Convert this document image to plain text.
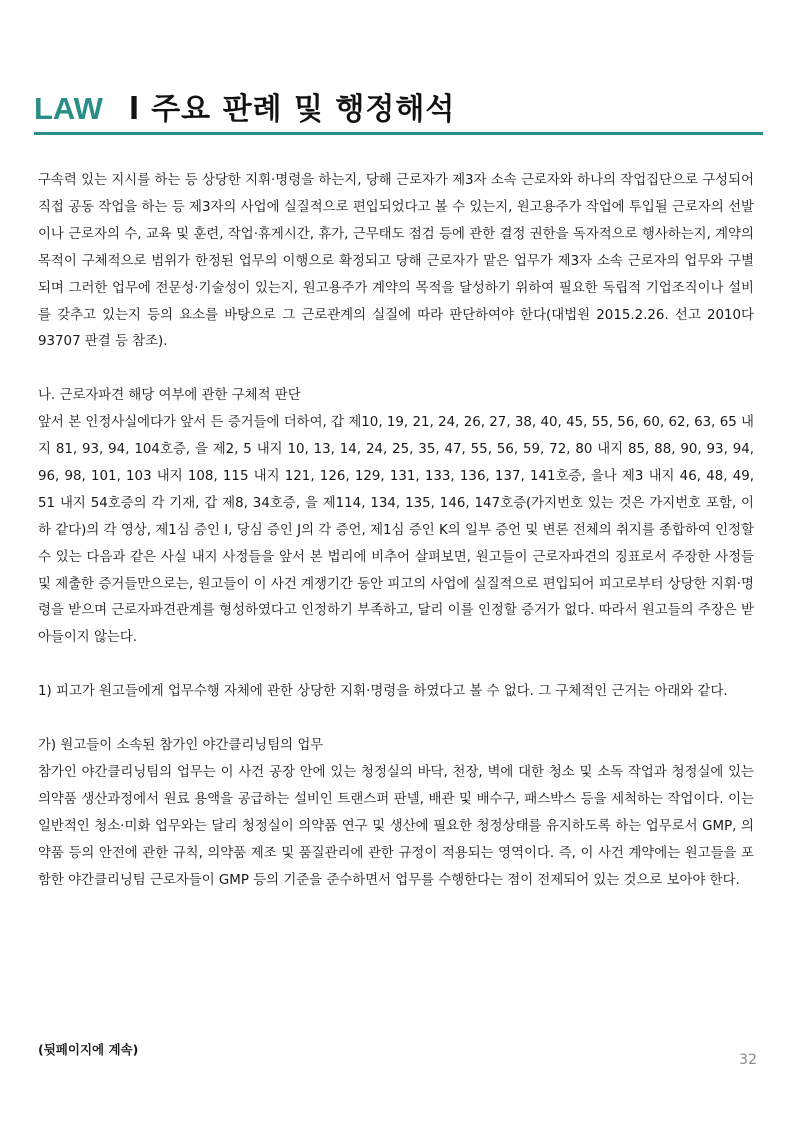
LAW l 주요 판례 및 행정해석

구속력 있는 지시를 하는 등 상당한 지휘·명령을 하는지, 당해 근로자가 제3자 소속 근로자와 하나의 작업집단으로 구성되어 직접 공동 작업을 하는 등 제3자의 사업에 실질적으로 편입되었다고 볼 수 있는지, 원고용주가 작업에 투입될 근로자의 선발이나 근로자의 수, 교육 및 훈련, 작업·휴게시간, 휴가, 근무태도 점검 등에 관한 결정 권한을 독자적으로 행사하는지, 계약의 목적이 구체적으로 범위가 한정된 업무의 이행으로 확정되고 당해 근로자가 맡은 업무가 제3자 소속 근로자의 업무와 구별되며 그러한 업무에 전문성·기술성이 있는지, 원고용주가 계약의 목적을 달성하기 위하여 필요한 독립적 기업조직이나 설비를 갖추고 있는지 등의 요소를 바탕으로 그 근로관계의 실질에 따라 판단하여야 한다(대법원 2015.2.26. 선고 2010다93707 판결 등 참조).

나. 근로자파견 해당 여부에 관한 구체적 판단

앞서 본 인정사실에다가 앞서 든 증거들에 더하여, 갑 제10, 19, 21, 24, 26, 27, 38, 40, 45, 55, 56, 60, 62, 63, 65 내지 81, 93, 94, 104호증, 을 제2, 5 내지 10, 13, 14, 24, 25, 35, 47, 55, 56, 59, 72, 80 내지 85, 88, 90, 93, 94, 96, 98, 101, 103 내지 108, 115 내지 121, 126, 129, 131, 133, 136, 137, 141호증, 을나 제3 내지 46, 48, 49, 51 내지 54호증의 각 기재, 갑 제8, 34호증, 을 제114, 134, 135, 146, 147호증(가지번호 있는 것은 가지번호 포함, 이하 같다)의 각 영상, 제1심 증인 I, 당심 증인 J의 각 증언, 제1심 증인 K의 일부 증언 및 변론 전체의 취지를 종합하여 인정할 수 있는 다음과 같은 사실 내지 사정들을 앞서 본 법리에 비추어 살펴보면, 원고들이 근로자파견의 징표로서 주장한 사정들 및 제출한 증거들만으로는, 원고들이 이 사건 계쟁기간 동안 피고의 사업에 실질적으로 편입되어 피고로부터 상당한 지휘·명령을 받으며 근로자파견관계를 형성하였다고 인정하기 부족하고, 달리 이를 인정할 증거가 없다. 따라서 원고들의 주장은 받아들이지 않는다.

1) 피고가 원고들에게 업무수행 자체에 관한 상당한 지휘·명령을 하였다고 볼 수 없다. 그 구체적인 근거는 아래와 같다.

가) 원고들이 소속된 참가인 야간클리닝팀의 업무

참가인 야간클리닝팀의 업무는 이 사건 공장 안에 있는 청정실의 바닥, 천장, 벽에 대한 청소 및 소독 작업과 청정실에 있는 의약품 생산과정에서 원료 용액을 공급하는 설비인 트랜스퍼 판넬, 배관 및 배수구, 패스박스 등을 세척하는 작업이다. 이는 일반적인 청소·미화 업무와는 달리 청정실이 의약품 연구 및 생산에 필요한 청정상태를 유지하도록 하는 업무로서 GMP, 의약품 등의 안전에 관한 규칙, 의약품 제조 및 품질관리에 관한 규정이 적용되는 영역이다. 즉, 이 사건 계약에는 원고들을 포함한 야간클리닝팀 근로자들이 GMP 등의 기준을 준수하면서 업무를 수행한다는 점이 전제되어 있는 것으로 보아야 한다.

(뒷페이지에 계속)
32
